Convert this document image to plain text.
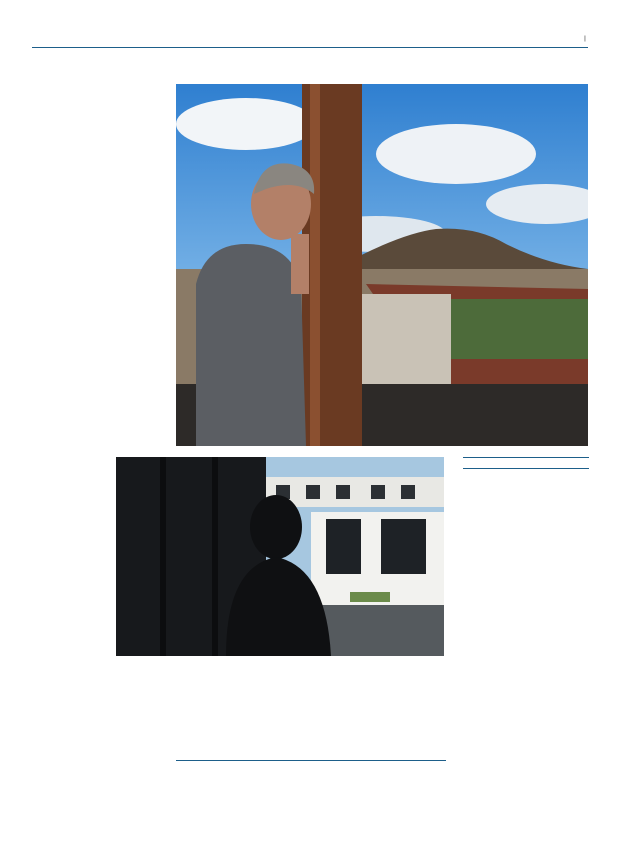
|
